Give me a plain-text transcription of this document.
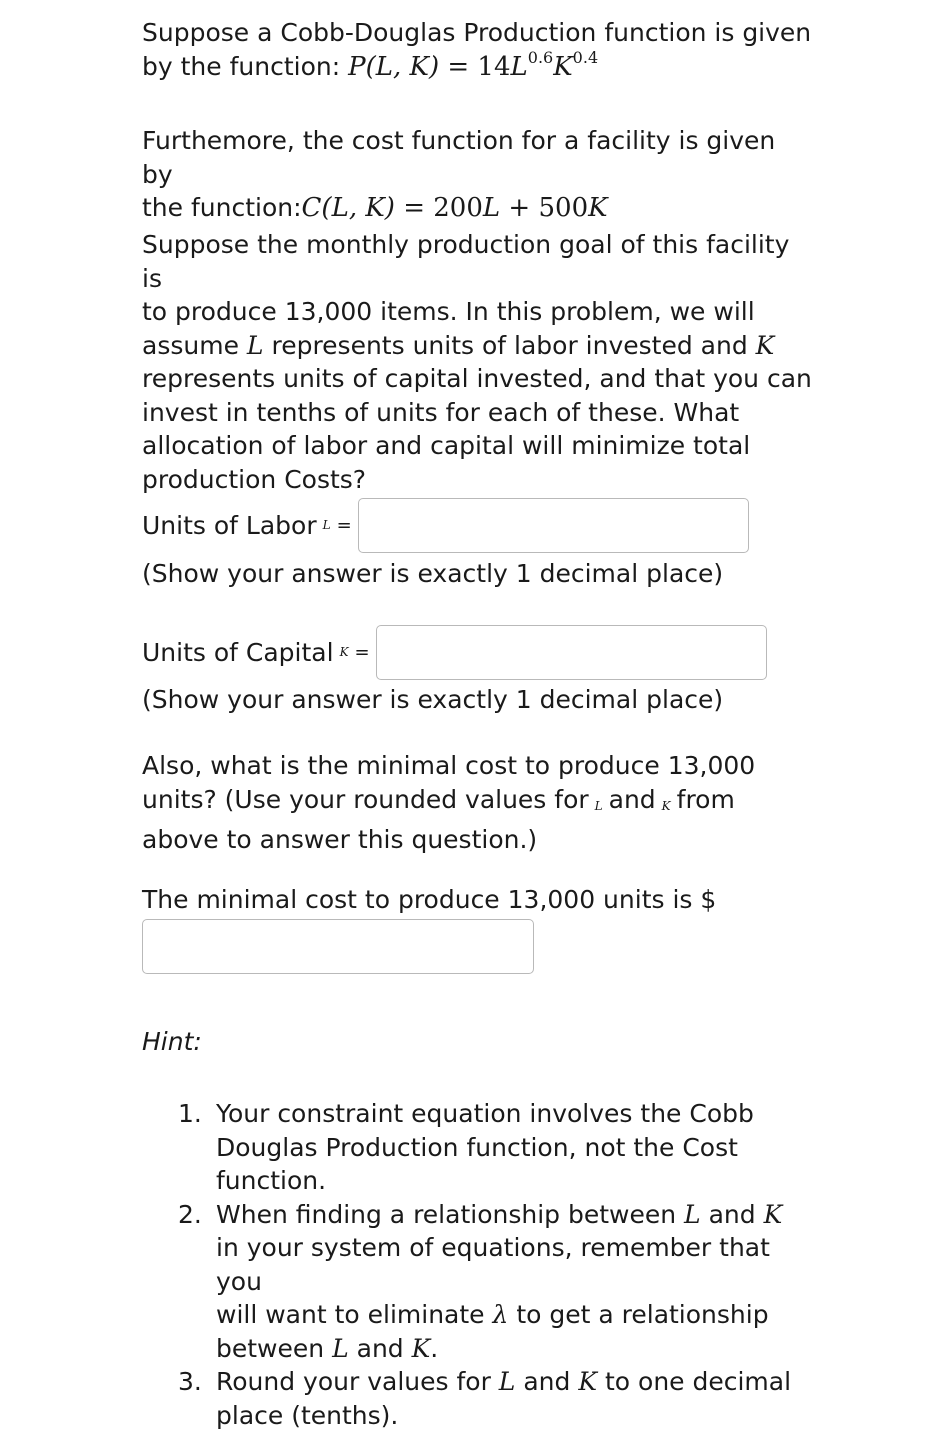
Suppose a Cobb-Douglas Production function is given
by the function: P(L, $K) = 14L^{0.6}K^{0.4}$

Furthemore, the cost function for a facility is given by
the function:C(L, K) = 200L + 500K

Suppose the monthly production goal of this facility is
to produce 13,000 items. In this problem, we will
assume L represents units of labor invested and K
represents units of capital invested, and that you can
invest in tenths of units for each of these. What
allocation of labor and capital will minimize total
production Costs?

Units of Labor L =
(Show your answer is exactly 1 decimal place)
Units of Capital K =
(Show your answer is exactly 1 decimal place)

Also, what is the minimal cost to produce 13,000
units? (Use your rounded values for L and K from
above to answer this question.)

The minimal cost to produce 13,000 units is $
Hint:
1. Your constraint equation involves the Cobb
Douglas Production function, not the Cost
function.
2. When finding a relationship between L and K
in your system of equations, remember that you
will want to eliminate λ to get a relationship
between L and K.
3. Round your values for L and K to one decimal
place (tenths).
